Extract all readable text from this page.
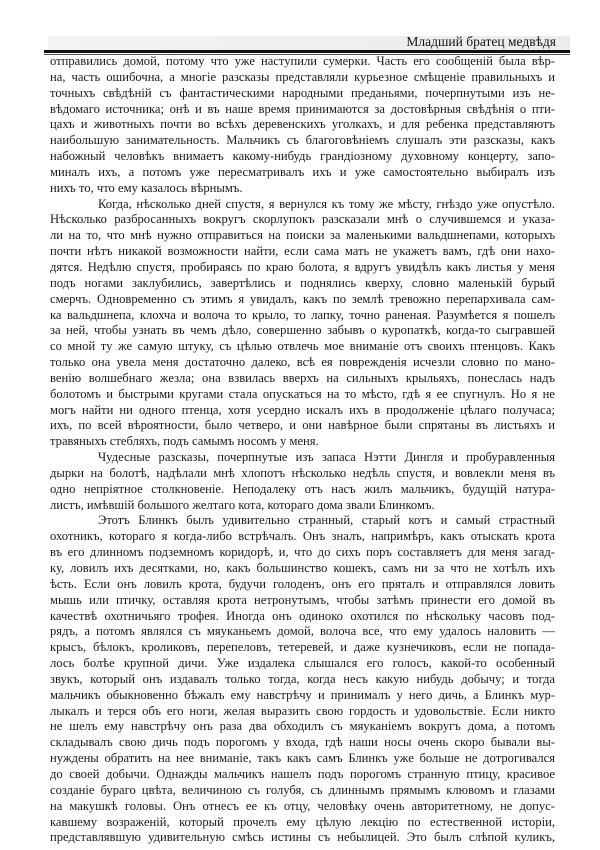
Младший братец медвѣдя
отправились домой, потому что уже наступили сумерки. Часть его сообщенiй была вѣр-
на, часть ошибочна, а многiе разсказы представляли курьезное смѣщенiе правильныхъ и
точныхъ свѣдѣнiй съ фантастическими народными преданьями, почерпнутыми изъ не-
вѣдомаго источника; онѣ и въ наше время принимаются за достовѣрныя свѣдѣнiя о пти-
цахъ и животныхъ почти во всѣхъ деревенскихъ уголкахъ, и для ребенка представляютъ
наибольшую занимательность. Мальчикъ съ благоговѣнiемъ слушалъ эти разсказы, какъ
набожный человѣкъ внимаетъ какому-нибудь грандiозному духовному концерту, запо-
миналъ ихъ, а потомъ уже пересматривалъ ихъ и уже самостоятельно выбиралъ изъ
нихъ то, что ему казалось вѣрнымъ.
Когда, нѣсколько дней спустя, я вернулся къ тому же мѣсту, гнѣздо уже опустѣло.
Нѣсколько разбросанныхъ вокругъ скорлупокъ разсказали мнѣ о случившемся и указа-
ли на то, что мнѣ нужно отправиться на поиски за маленькими вальдшнепами, которыхъ
почти нѣтъ никакой возможности найти, если сама мать не укажетъ вамъ, гдѣ они нахо-
дятся. Недѣлю спустя, пробираясь по краю болота, я вдругъ увидѣлъ какъ листья у меня
подъ ногами заклубились, завертѣлись и поднялись кверху, словно маленькiй бурый
смерчъ. Одновременно съ этимъ я увидалъ, какъ по землѣ тревожно перепархивала сам-
ка вальдшнепа, клохча и волоча то крыло, то лапку, точно раненая. Разумѣется я пошелъ
за ней, чтобы узнать въ чемъ дѣло, совершенно забывъ о куропаткѣ, когда-то сыгравшей
со мной ту же самую штуку, съ цѣлью отвлечь мое вниманiе отъ своихъ птенцовъ. Какъ
только она увела меня достаточно далеко, всѣ ея поврежденiя исчезли словно по мано-
венiю волшебнаго жезла; она взвилась вверхъ на сильныхъ крыльяхъ, понеслась надъ
болотомъ и быстрыми кругами стала опускаться на то мѣсто, гдѣ я ее спугнулъ. Но я не
могъ найти ни одного птенца, хотя усердно искалъ ихъ в продолженiе цѣлаго получаса;
ихъ, по всей вѣроятности, было четверо, и они навѣрное были спрятаны въ листьяхъ и
травяныхъ стебляхъ, подъ самымъ носомъ у меня.
Чудесные разсказы, почерпнутые изъ запаса Нэтти Дингля и пробуравленныя
дырки на болотѣ, надѣлали мнѣ хлопотъ нѣсколько недѣль спустя, и вовлекли меня въ
одно непрiятное столкновенiе. Неподалеку отъ насъ жилъ мальчикъ, будущiй натура-
листъ, имѣвшiй большого желтаго кота, котораго дома звали Блинкомъ.
Этотъ Блинкъ былъ удивительно странный, старый котъ и самый страстный
охотникъ, котораго я когда-либо встрѣчалъ. Онъ зналъ, напримѣръ, какъ отыскать крота
въ его длинномъ подземномъ коридорѣ, и, что до сихъ поръ составляетъ для меня загад-
ку, ловилъ ихъ десятками, но, какъ большинство кошекъ, самъ ни за что не хотѣлъ ихъ
ѣсть. Если онъ ловилъ крота, будучи голоденъ, онъ его пряталъ и отправлялся ловить
мышь или птичку, оставляя крота нетронутымъ, чтобы затѣмъ принести его домой въ
качествѣ охотничьяго трофея. Иногда онъ одиноко охотился по нѣскольку часовъ под-
рядъ, а потомъ являлся съ мяуканьемъ домой, волоча все, что ему удалось наловить —
крысъ, бѣлокъ, кроликовъ, перепеловъ, тетеревей, и даже кузнечиковъ, если не попада-
лось болѣе крупной дичи. Уже издалека слышался его голосъ, какой-то особенный
звукъ, который онъ издавалъ только тогда, когда несъ какую нибудь добычу; и тогда
мальчикъ обыкновенно бѣжалъ ему навстрѣчу и принималъ у него дичь, а Блинкъ мур-
лыкалъ и терся объ его ноги, желая выразить свою гордость и удовольствiе. Если никто
не шелъ ему навстрѣчу онъ раза два обходилъ съ мяуканiемъ вокругъ дома, а потомъ
складывалъ свою дичь подъ порогомъ у входа, гдѣ наши носы очень скоро бывали вы-
нуждены обратить на нее вниманiе, такъ какъ самъ Блинкъ уже больше не дотрогивался
до своей добычи. Однажды мальчикъ нашелъ подъ порогомъ странную птицу, красивое
созданiе бураго цвѣта, величиною съ голубя, съ длиннымъ прямымъ клювомъ и глазами
на макушкѣ головы. Онъ отнесъ ее къ отцу, человѣку очень авторитетному, не допус-
кавшему возраженiй, который прочелъ ему цѣлую лекцiю по естественной исторiи,
представлявшую удивительную смѣсь истины съ небылицей. Это былъ слѣпой куликъ,
